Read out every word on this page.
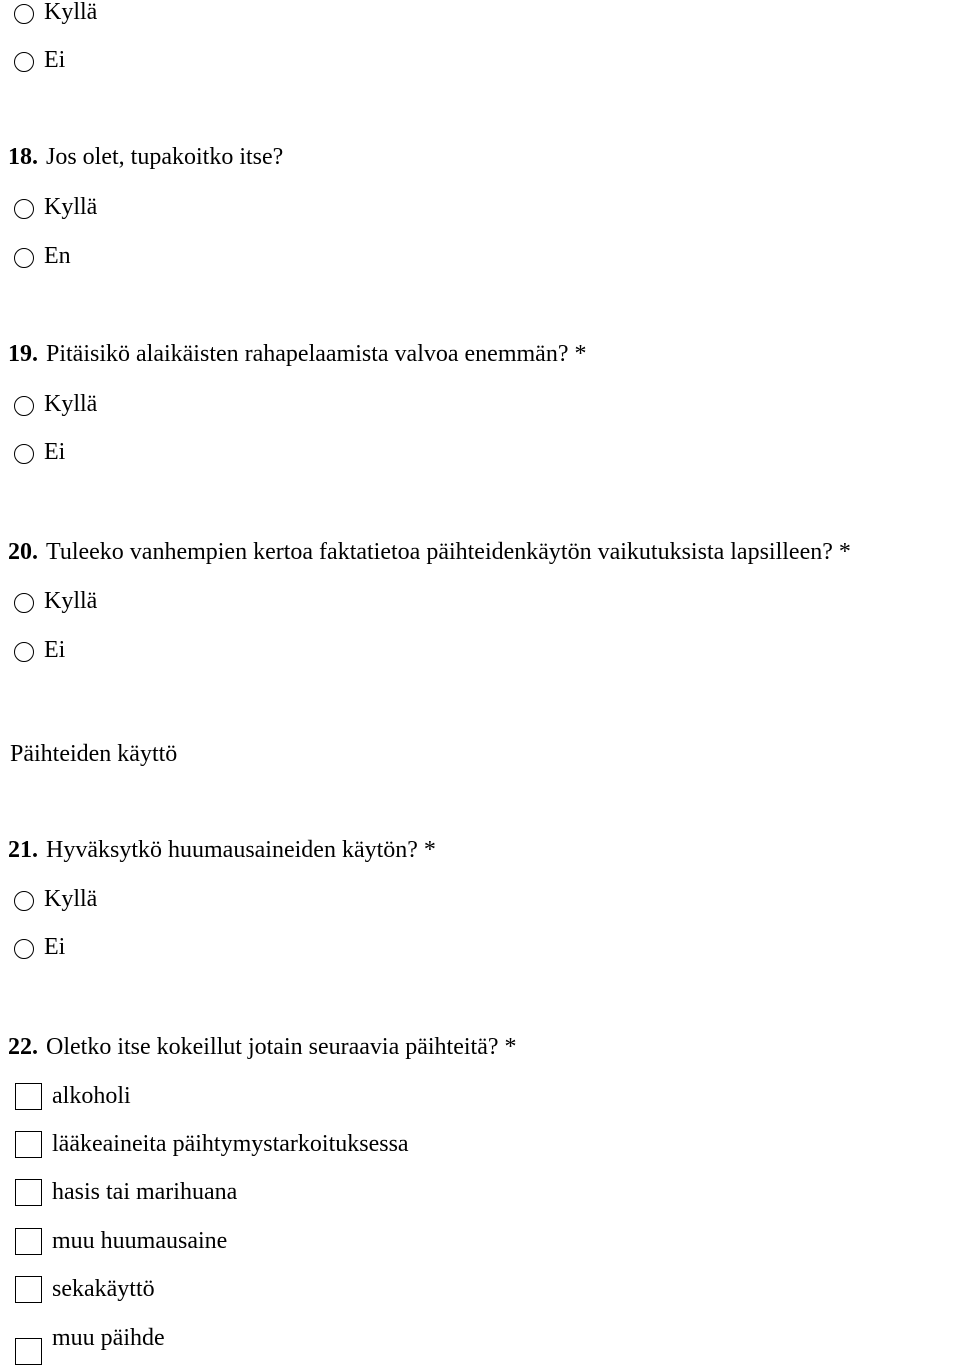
Kyllä
Ei
18. Jos olet, tupakoitko itse?
Kyllä
En
19. Pitäisikö alaikäisten rahapelaamista valvoa enemmän? *
Kyllä
Ei
20. Tuleeko vanhempien kertoa faktatietoa päihteidenkäytön vaikutuksista lapsilleen? *
Kyllä
Ei
Päihteiden käyttö
21. Hyväksytkö huumausaineiden käytön? *
Kyllä
Ei
22. Oletko itse kokeillut jotain seuraavia päihteitä? *
alkoholi
lääkeaineita päihtymystarkoituksessa
hasis tai marihuana
muu huumausaine
sekakäyttö
muu päihde
